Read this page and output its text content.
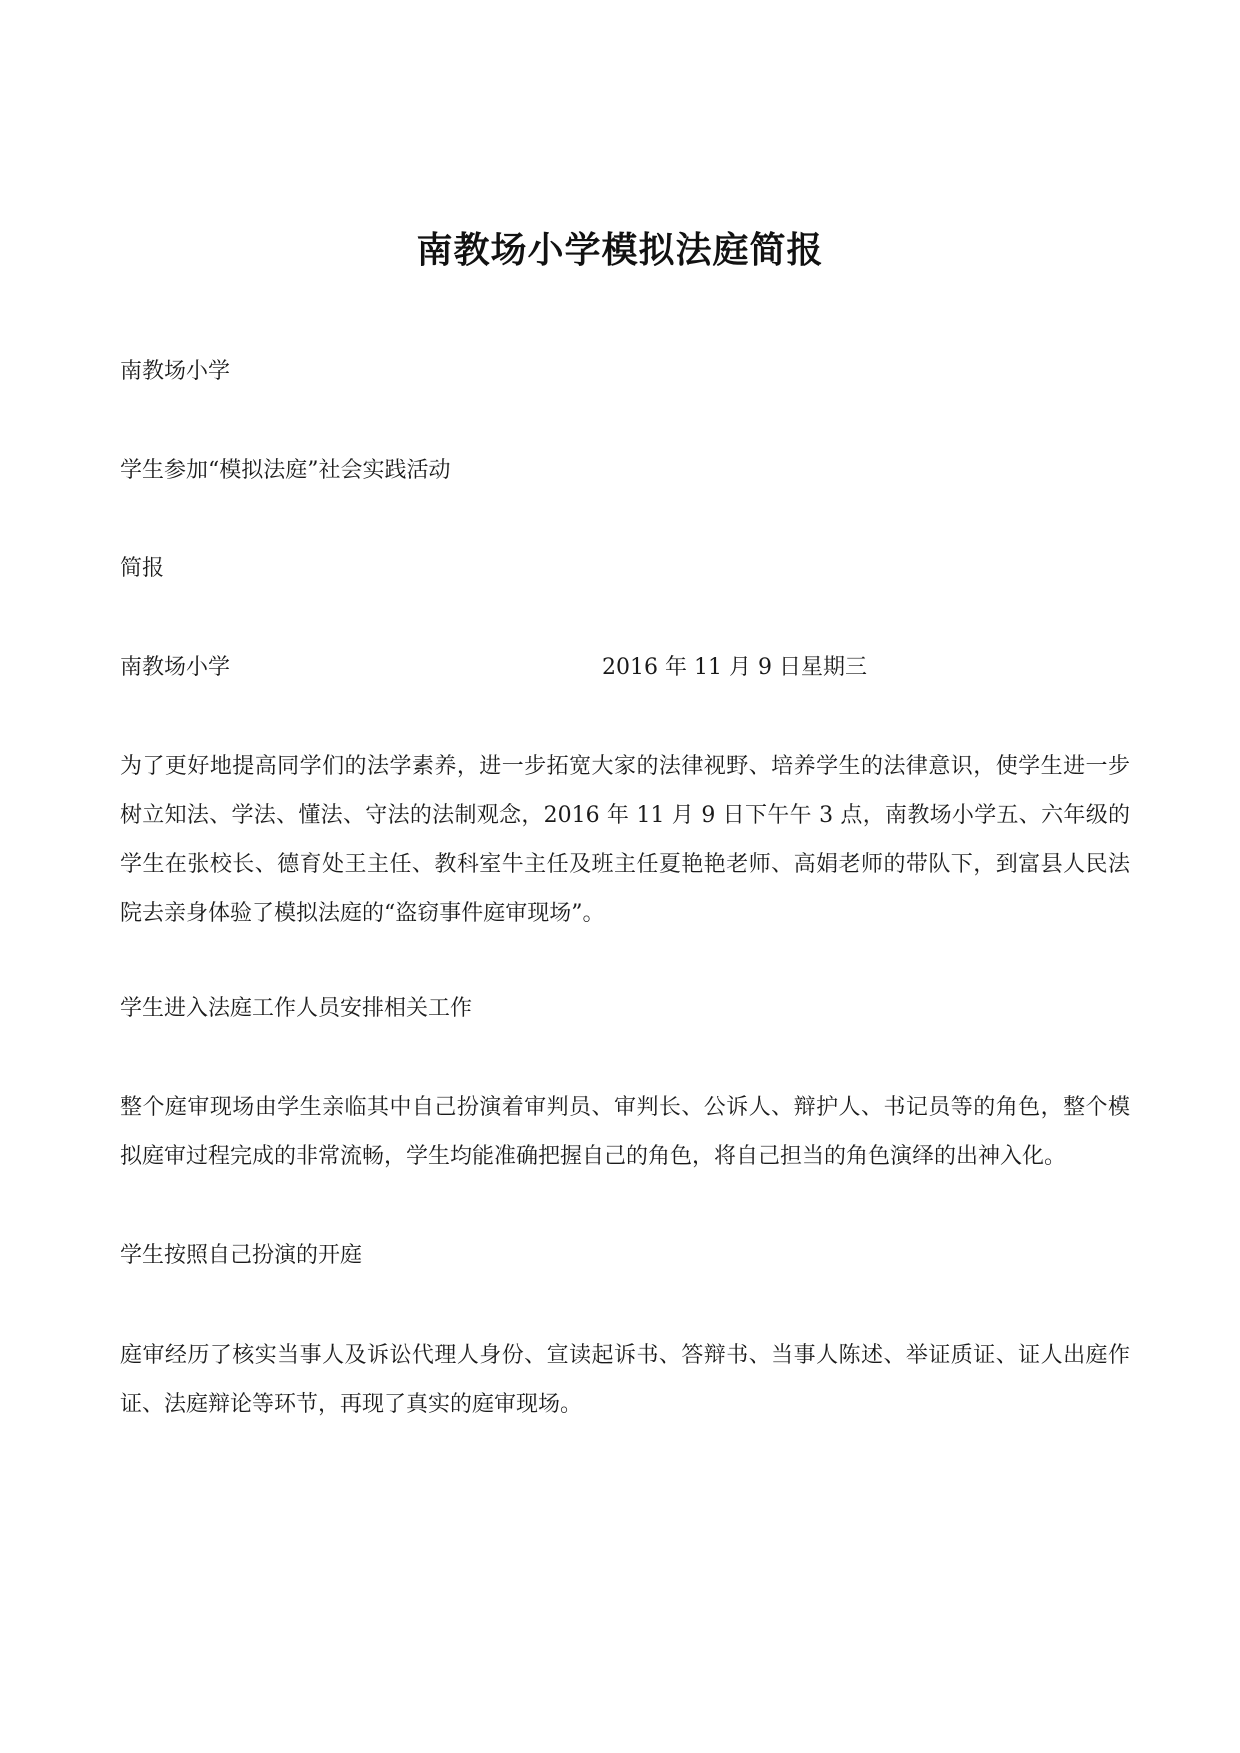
南教场小学模拟法庭简报

南教场小学

学生参加“模拟法庭”社会实践活动

简报

南教场小学	2016 年 11 月 9 日星期三

为了更好地提高同学们的法学素养，进一步拓宽大家的法律视野、培养学生的法律意识，使学生进一步树立知法、学法、懂法、守法的法制观念，2016 年 11 月 9 日下午午 3 点，南教场小学五、六年级的学生在张校长、德育处王主任、教科室牛主任及班主任夏艳艳老师、高娟老师的带队下，到富县人民法院去亲身体验了模拟法庭的“盗窃事件庭审现场”。

学生进入法庭工作人员安排相关工作

整个庭审现场由学生亲临其中自己扮演着审判员、审判长、公诉人、辩护人、书记员等的角色，整个模拟庭审过程完成的非常流畅，学生均能准确把握自己的角色，将自己担当的角色演绎的出神入化。

学生按照自己扮演的开庭

庭审经历了核实当事人及诉讼代理人身份、宣读起诉书、答辩书、当事人陈述、举证质证、证人出庭作证、法庭辩论等环节，再现了真实的庭审现场。
